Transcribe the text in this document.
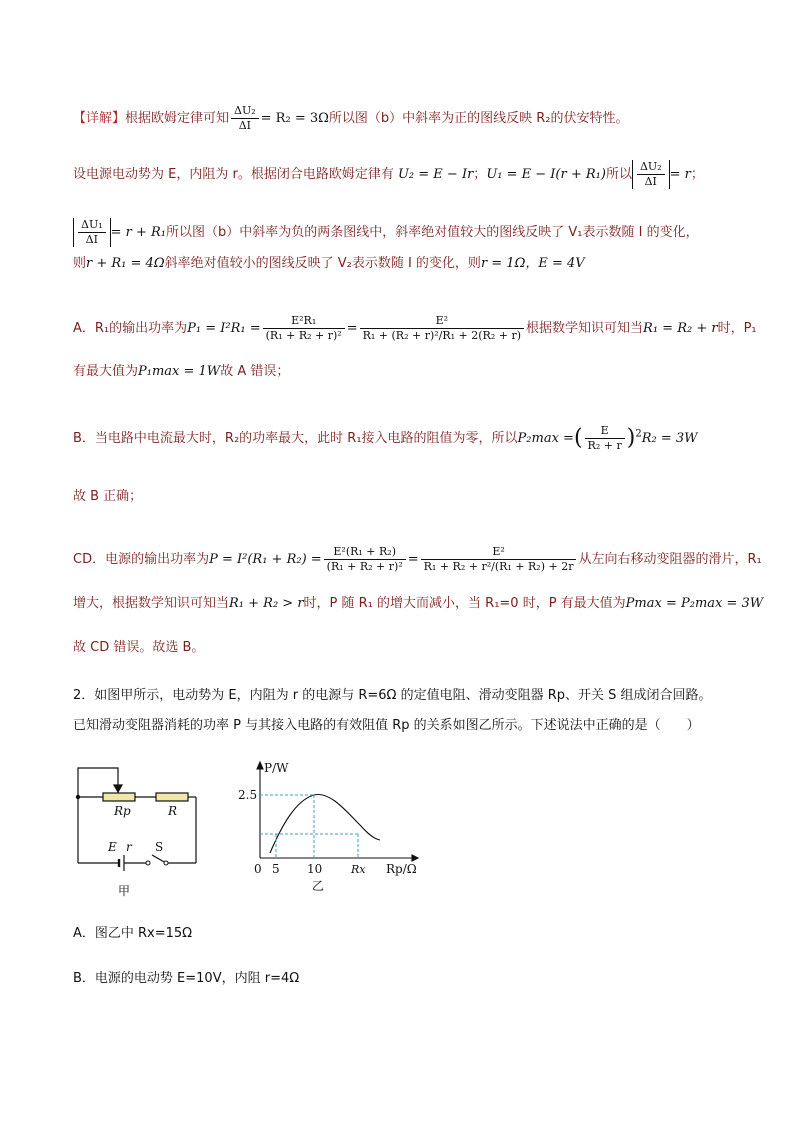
【详解】根据欧姆定律可知 $\frac{\text{ΔU₂}}{\Delta I} = R_2 = 3\Omega$所以图（b）中斜率为正的图线反映 R₂的伏安特性。
设电源电动势为 E，内阻为 r。根据闭合电路欧姆定律有 U₂ = E − Ir；U₁ = E − I(r + R₁)所以 $\frac{\text{ΔU₂}}{\Delta I} = r$；
$\frac{\text{ΔU₁}}{\Delta I} = r + R_1$所以图（b）中斜率为负的两条图线中，斜率绝对值较大的图线反映了 V₁表示数随 I 的变化，
则r + R₁ = 4Ω斜率绝对值较小的图线反映了 V₂表示数随 I 的变化，则r = 1Ω，E = 4V
A．R₁的输出功率为$P_1 = I^2R_1 = \frac{\text{E²R₁}}{\text{(R₁ + R₂ + r)²}} = \frac{\text{E²}}{\text{R₁ + (R₂ + r)²/R₁ + 2(R₂ + r)}}$ 根据数学知识可知当R₁ = R₂ + r时，P₁
有最大值为P₁max = 1W故 A 错误；
B．当电路中电流最大时，R₂的功率最大，此时 R₁接入电路的阻值为零，所以P₂max =( $\frac{E}{\text{R₂ + r}} )^2R_2 = 3W$
故 B 正确；
CD．电源的输出功率为$P = I^2(R_1 + R_2) = \frac{\text{E²(R₁ + R₂)}}{\text{(R₁ + R₂ + r)²}} = \frac{\text{E²}}{\text{R₁ + R₂ + r²/(R₁ + R₂) + 2r}}$ 从左向右移动变阻器的滑片，R₁
增大，根据数学知识可知当R₁ + R₂ > r时，P 随 R₁ 的增大而减小，当 R₁=0 时，P 有最大值为Pmax = P₂max = 3W
故 CD 错误。故选 B。
2．如图甲所示，电动势为 E，内阻为 r 的电源与 R=6Ω 的定值电阻、滑动变阻器 Rp、开关 S 组成闭合回路。
已知滑动变阻器消耗的功率 P 与其接入电路的有效阻值 Rp 的关系如图乙所示。下述说法中正确的是（　　）
Rp	R
E r S
甲
P/W
2.5
0 5 10	Rx Rp/Ω
乙
A．图乙中 Rx=15Ω
B．电源的电动势 E=10V，内阻 r=4Ω
